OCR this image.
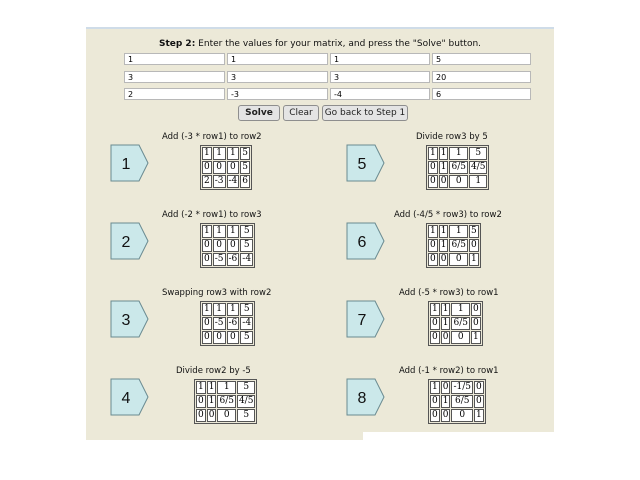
Step 2: Enter the values for your matrix, and press the "Solve" button.
1	1	1	5
3	3	3	20
2	-3	-4	6
Solve	Clear	Go back to Step 1
Add (-3 * row1) to row2
1
1	1	1	5
0	0	0	5
2	-3	-4	6
Add (-2 * row1) to row3
2
1	1	1	5
0	0	0	5
0	-5	-6	-4
Swapping row3 with row2
3
1	1	1	5
0	-5	-6	-4
0	0	0	5
Divide row2 by -5
4
1	1	1	5
0	1	6/5	4/5
0	0	0	5
Divide row3 by 5
5
1	1	1	5
0	1	6/5	4/5
0	0	0	1
Add (-4/5 * row3) to row2
6
1	1	1	5
0	1	6/5	0
0	0	0	1
Add (-5 * row3) to row1
7
1	1	1	0
0	1	6/5	0
0	0	0	1
Add (-1 * row2) to row1
8
1	0	-1/5	0
0	1	6/5	0
0	0	0	1
